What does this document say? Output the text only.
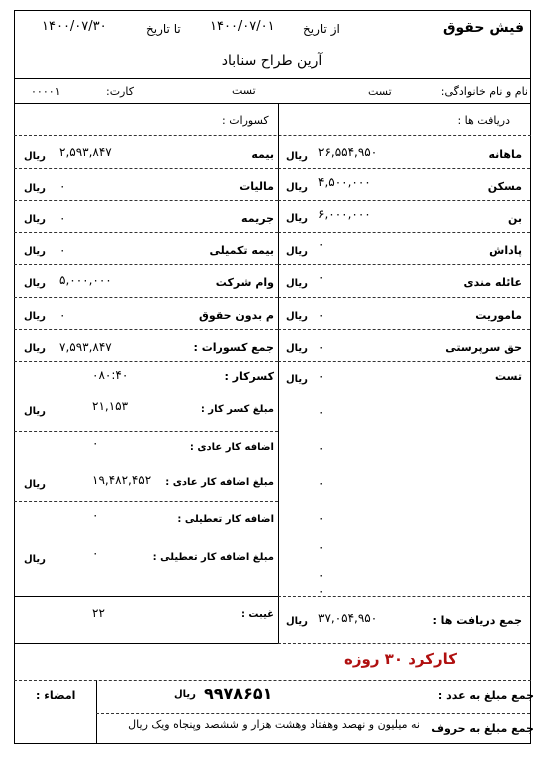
فیش حقوق
از تاریخ
۱۴۰۰/۰۷/۰۱
تا تاریخ
۱۴۰۰/۰۷/۳۰
آرین طراح سناباد
نام و نام خانوادگی:
تست
تست
کارت:
۰۰۰۰۱
دریافت ها :
کسورات :
ماهانه
۲۶,۵۵۴,۹۵۰
ریال
مسکن
۴,۵۰۰,۰۰۰
ریال
بن
۶,۰۰۰,۰۰۰
ریال
پاداش
۰
ریال
عائله مندی
۰
ریال
ماموریت
۰
ریال
حق سرپرستی
۰
ریال
تست
۰
ریال
۰
۰
۰
۰
۰
۰
۰
بیمه
۲,۵۹۳,۸۴۷
ریال
مالیات
۰
ریال
جریمه
۰
ریال
بیمه تکمیلی
۰
ریال
وام شرکت
۵,۰۰۰,۰۰۰
ریال
م بدون حقوق
۰
ریال
جمع کسورات :
۷,۵۹۳,۸۴۷
ریال
کسرکار :
۰۸۰:۴۰
مبلغ کسر کار :
۲۱,۱۵۳
ریال
اضافه کار عادی :
۰
مبلغ اضافه کار عادی :
۱۹,۴۸۲,۴۵۲
ریال
اضافه کار تعطیلی :
۰
مبلغ اضافه کار تعطیلی :
۰
ریال
غیبت :
۲۲
جمع دریافت ها :
۳۷,۰۵۴,۹۵۰
ریال
کارکرد ۳۰ روزه
جمع مبلغ به عدد :
۹۹۷۸۶۵۱
ریال
امضاء :
جمع مبلغ به حروف
نه میلیون و نهصد وهفتاد وهشت هزار و ششصد وپنجاه ویک ریال
